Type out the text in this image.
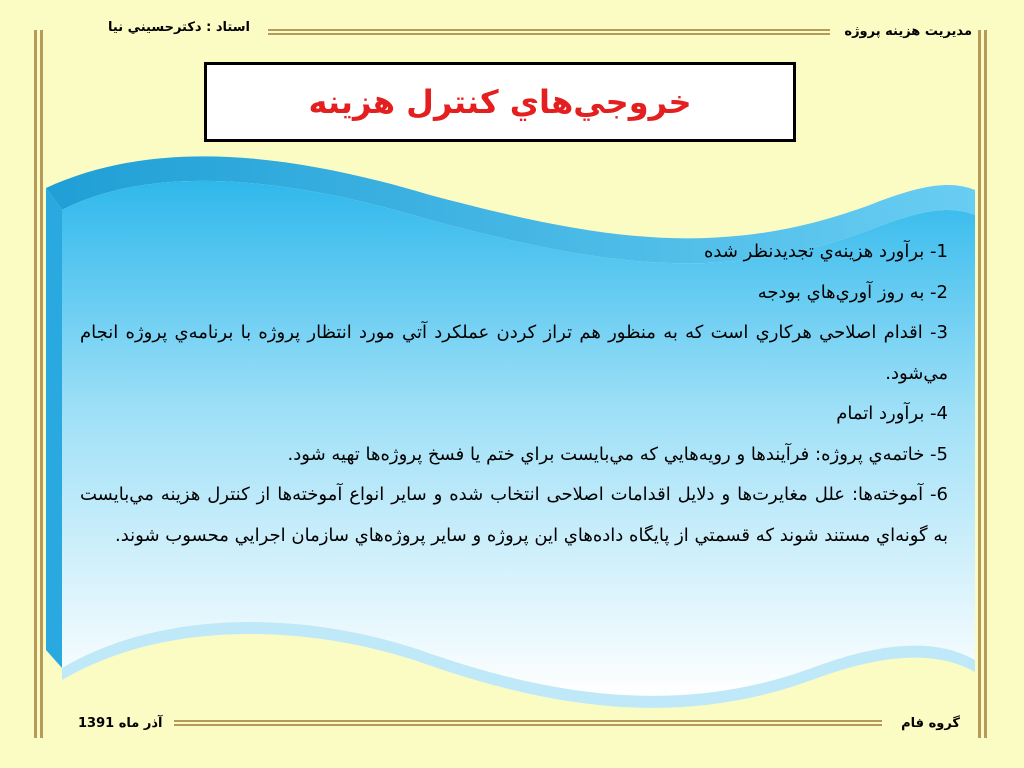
مديريت هزينه پروژه
استاد : دكترحسيني نيا
خروجي‌هاي كنترل هزينه

1- برآورد هزينه‌ي تجديدنظر شده

2- به روز آوري‌هاي بودجه

3- اقدام اصلاحي هركاري است كه به منظور هم تراز كردن عملكرد آتي مورد انتظار پروژه با برنامه‌ي پروژه انجام مي‌شود.

4- برآورد اتمام

5- خاتمه‌ي پروژه: فرآيندها و رويه‌هايي كه مي‌بايست براي ختم يا فسخ پروژه‌ها تهيه شود.

6- آموخته‌ها: علل مغايرت‌ها و دلايل اقدامات اصلاحی انتخاب شده و ساير انواع آموخته‌ها از كنترل هزينه مي‌بايست به گونه‌اي مستند شوند كه قسمتي از پايگاه داده‌هاي اين پروژه و ساير پروژه‌هاي سازمان اجرايي محسوب شوند.

گروه فام
آذر ماه 1391
